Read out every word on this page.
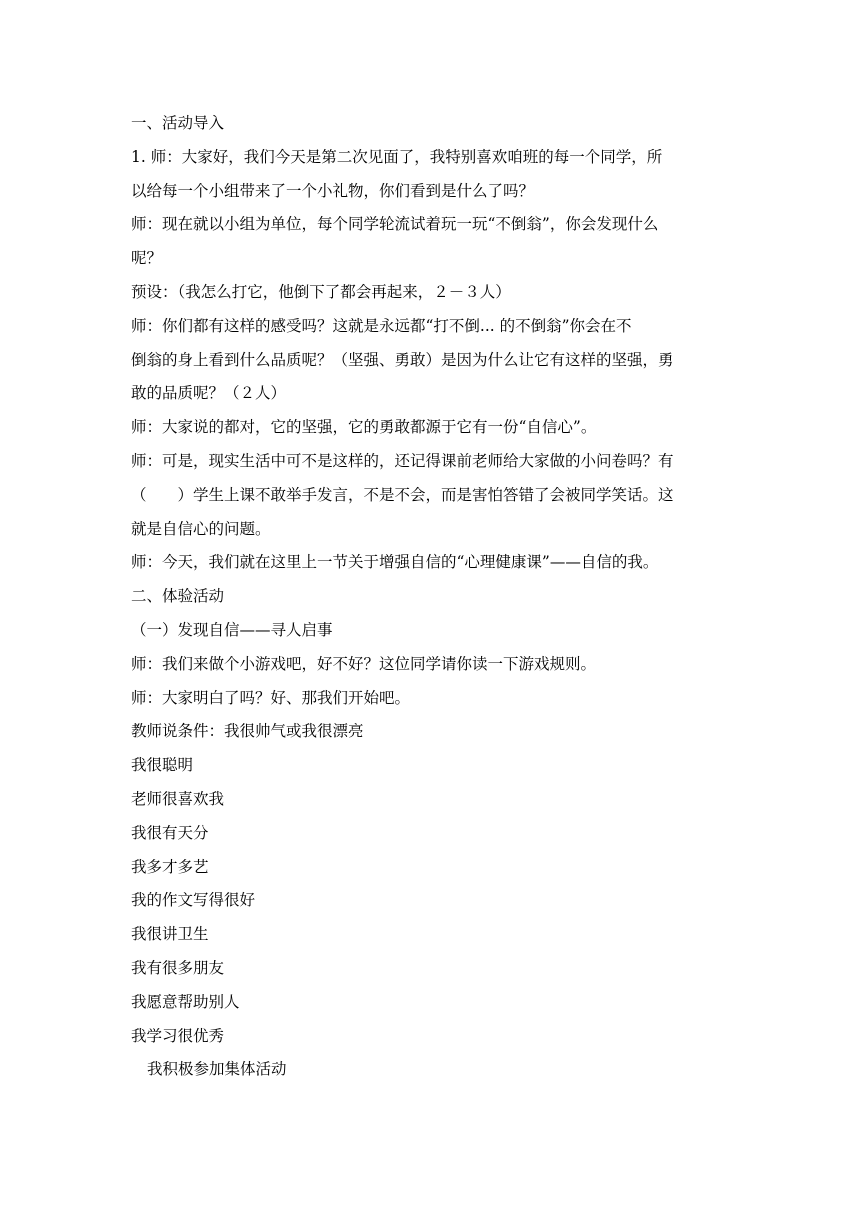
一、活动导入
1. 师：大家好，我们今天是第二次见面了，我特别喜欢咱班的每一个同学，所
以给每一个小组带来了一个小礼物，你们看到是什么了吗？
师：现在就以小组为单位，每个同学轮流试着玩一玩“不倒翁”，你会发现什么
呢？
预设：（我怎么打它，他倒下了都会再起来，２－３人）
师：你们都有这样的感受吗？这就是永远都“打不倒... 的不倒翁”你会在不
倒翁的身上看到什么品质呢？（坚强、勇敢）是因为什么让它有这样的坚强，勇
敢的品质呢？（２人）
师：大家说的都对，它的坚强，它的勇敢都源于它有一份“自信心”。
师：可是，现实生活中可不是这样的，还记得课前老师给大家做的小问卷吗？有
（　　）学生上课不敢举手发言，不是不会，而是害怕答错了会被同学笑话。这
就是自信心的问题。
师：今天，我们就在这里上一节关于增强自信的“心理健康课”——自信的我。
二、体验活动
（一）发现自信——寻人启事
师：我们来做个小游戏吧，好不好？这位同学请你读一下游戏规则。
师：大家明白了吗？好、那我们开始吧。
教师说条件：我很帅气或我很漂亮
我很聪明
老师很喜欢我
我很有天分
我多才多艺
我的作文写得很好
我很讲卫生
我有很多朋友
我愿意帮助别人
我学习很优秀
我积极参加集体活动
